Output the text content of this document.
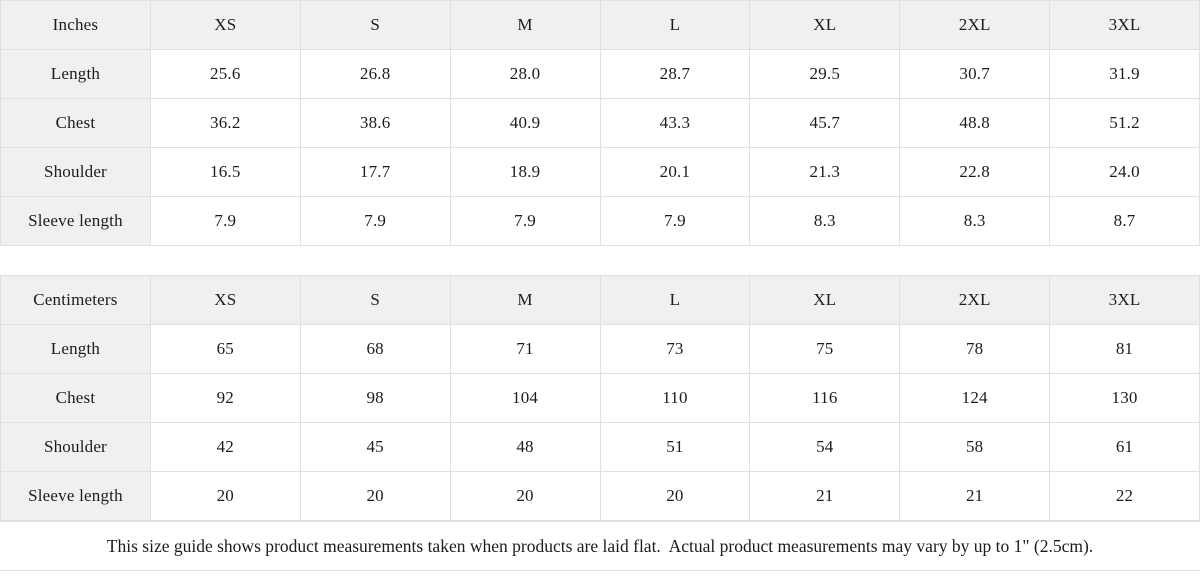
Inches	XS	S	M	L	XL	2XL	3XL
Length	25.6	26.8	28.0	28.7	29.5	30.7	31.9
Chest	36.2	38.6	40.9	43.3	45.7	48.8	51.2
Shoulder	16.5	17.7	18.9	20.1	21.3	22.8	24.0
Sleeve length	7.9	7.9	7.9	7.9	8.3	8.3	8.7
Centimeters	XS	S	M	L	XL	2XL	3XL
Length	65	68	71	73	75	78	81
Chest	92	98	104	110	116	124	130
Shoulder	42	45	48	51	54	58	61
Sleeve length	20	20	20	20	21	21	22
This size guide shows product measurements taken when products are laid flat.  Actual product measurements may vary by up to 1" (2.5cm).
